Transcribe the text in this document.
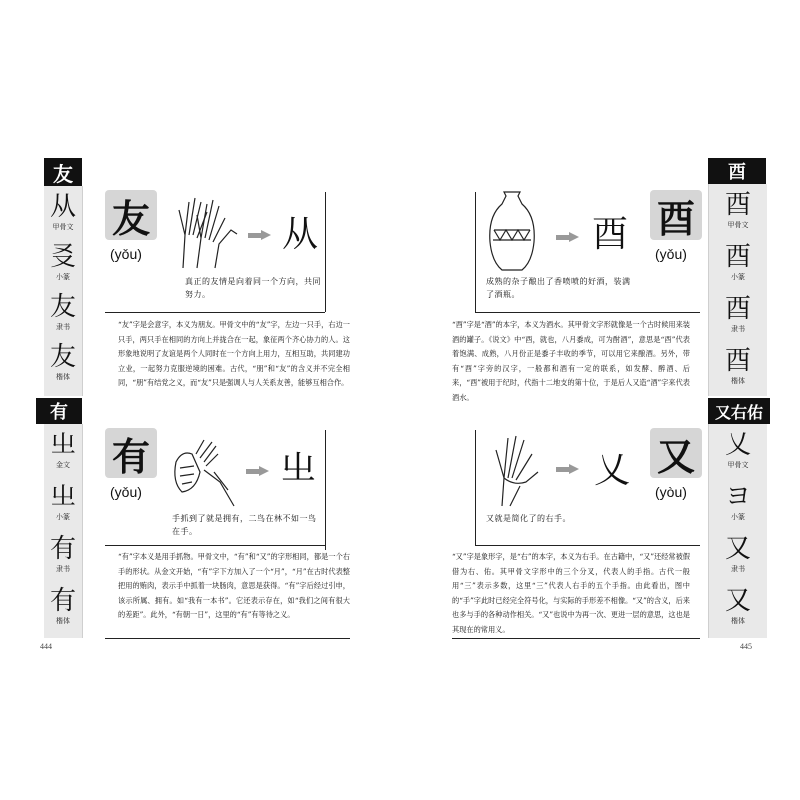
友
从
甲骨文
㕛
小篆
友
隶书
友
楷体
友
(yǒu)	从
真正的友情是向着同一个方向，共同努力。
“友”字是会意字，本义为朋友。甲骨文中的“友”字，左边一只手，右边一只手，两只手在相同的方向上并拢合在一起，象征两个齐心协力的人。这形象地说明了友谊是两个人同时在一个方向上用力，互相互助，共同建功立业，一起努力克服逆境的困难。古代，“朋”和“友”的含义并不完全相同，“朋”有结党之义，而“友”只是强调人与人关系友善，能够互相合作。
有
㞢
金文
㞢
小篆
有
隶书
有
楷体
有
(yǒu)
㞢
手抓到了就是拥有，二鸟在林不如一鸟在手。
“有”字本义是用手抓物。甲骨文中，“有”和“又”的字形相同，都是一个右手的形状。从金文开始，“有”字下方加入了一个“月”，“月”在古时代表整把用的贿肉，表示手中抓着一块肠肉，意思是获得。“有”字后经过引申，该示所属、拥有。如“我有一本书”。它还表示存在，如“我们之间有很大的差距”。此外，“有朝一日”，这里的“有”有等待之义。
444
酉
酉
甲骨文
酉
小篆
酉
隶书
酉
楷体
酉 酉
(yǒu)
成熟的杂子酿出了香喷喷的好酒，装满了酒瓶。
“酉”字是“酒”的本字，本义为酒水。其甲骨文字形就像是一个古时候用来装酒的罐子。《说文》中“酉，就也，八月黍成，可为酎酒”，意思是“酉”代表着饱满、成熟，八月份正是黍子丰收的季节，可以用它来酿酒。另外，带有“酉”字旁的汉字，一般都和酒有一定的联系，如发酵、醉酒、后来，“酉”被用于纪时，代指十二地支的第十位，于是后人又造“酒”字来代表酒水。
又右佑
乂
甲骨文
ヨ
小篆
又
隶书
又
楷体
乂 又
(yòu)
又就是简化了的右手。
“又”字是象形字，是“右”的本字，本义为右手。在古籍中，“又”还经常被假借为右、佑。其甲骨文字形中的三个分叉，代表人的手指。古代一般用“三”表示多数，这里“三”代表人右手的五个手指。由此看出，图中的“手”字此时已经完全符号化，与实际的手形差不相像。“又”的含义，后来也多与手的各种动作相关。“又”也说中为再一次、更进一层的意思，这也是其现在的常用义。
445
